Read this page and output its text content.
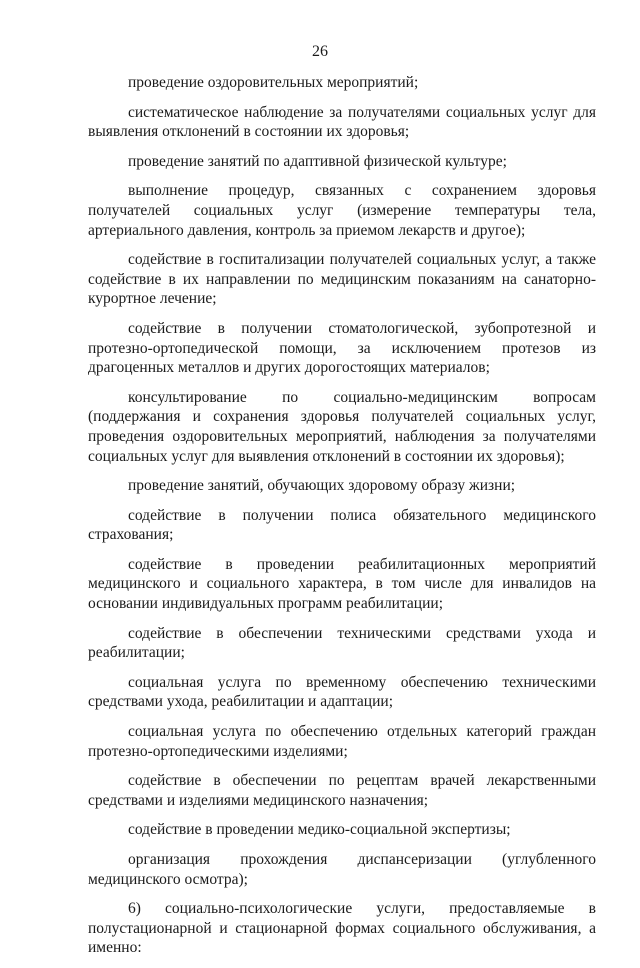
26

проведение оздоровительных мероприятий;

систематическое наблюдение за получателями социальных услуг для выявления отклонений в состоянии их здоровья;

проведение занятий по адаптивной физической культуре;

выполнение процедур, связанных с сохранением здоровья получателей социальных услуг (измерение температуры тела, артериального давления, контроль за приемом лекарств и другое);

содействие в госпитализации получателей социальных услуг, а также содействие в их направлении по медицинским показаниям на санаторно-курортное лечение;

содействие в получении стоматологической, зубопротезной и протезно-ортопедической помощи, за исключением протезов из драгоценных металлов и других дорогостоящих материалов;

консультирование по социально-медицинским вопросам (поддержания и сохранения здоровья получателей социальных услуг, проведения оздоровительных мероприятий, наблюдения за получателями социальных услуг для выявления отклонений в состоянии их здоровья);

проведение занятий, обучающих здоровому образу жизни;

содействие в получении полиса обязательного медицинского страхования;

содействие в проведении реабилитационных мероприятий медицинского и социального характера, в том числе для инвалидов на основании индивидуальных программ реабилитации;

содействие в обеспечении техническими средствами ухода и реабилитации;

социальная услуга по временному обеспечению техническими средствами ухода, реабилитации и адаптации;

социальная услуга по обеспечению отдельных категорий граждан протезно-ортопедическими изделиями;

содействие в обеспечении по рецептам врачей лекарственными средствами и изделиями медицинского назначения;

содействие в проведении медико-социальной экспертизы;

организация прохождения диспансеризации (углубленного медицинского осмотра);

6) социально-психологические услуги, предоставляемые в полустационарной и стационарной формах социального обслуживания, а именно:
